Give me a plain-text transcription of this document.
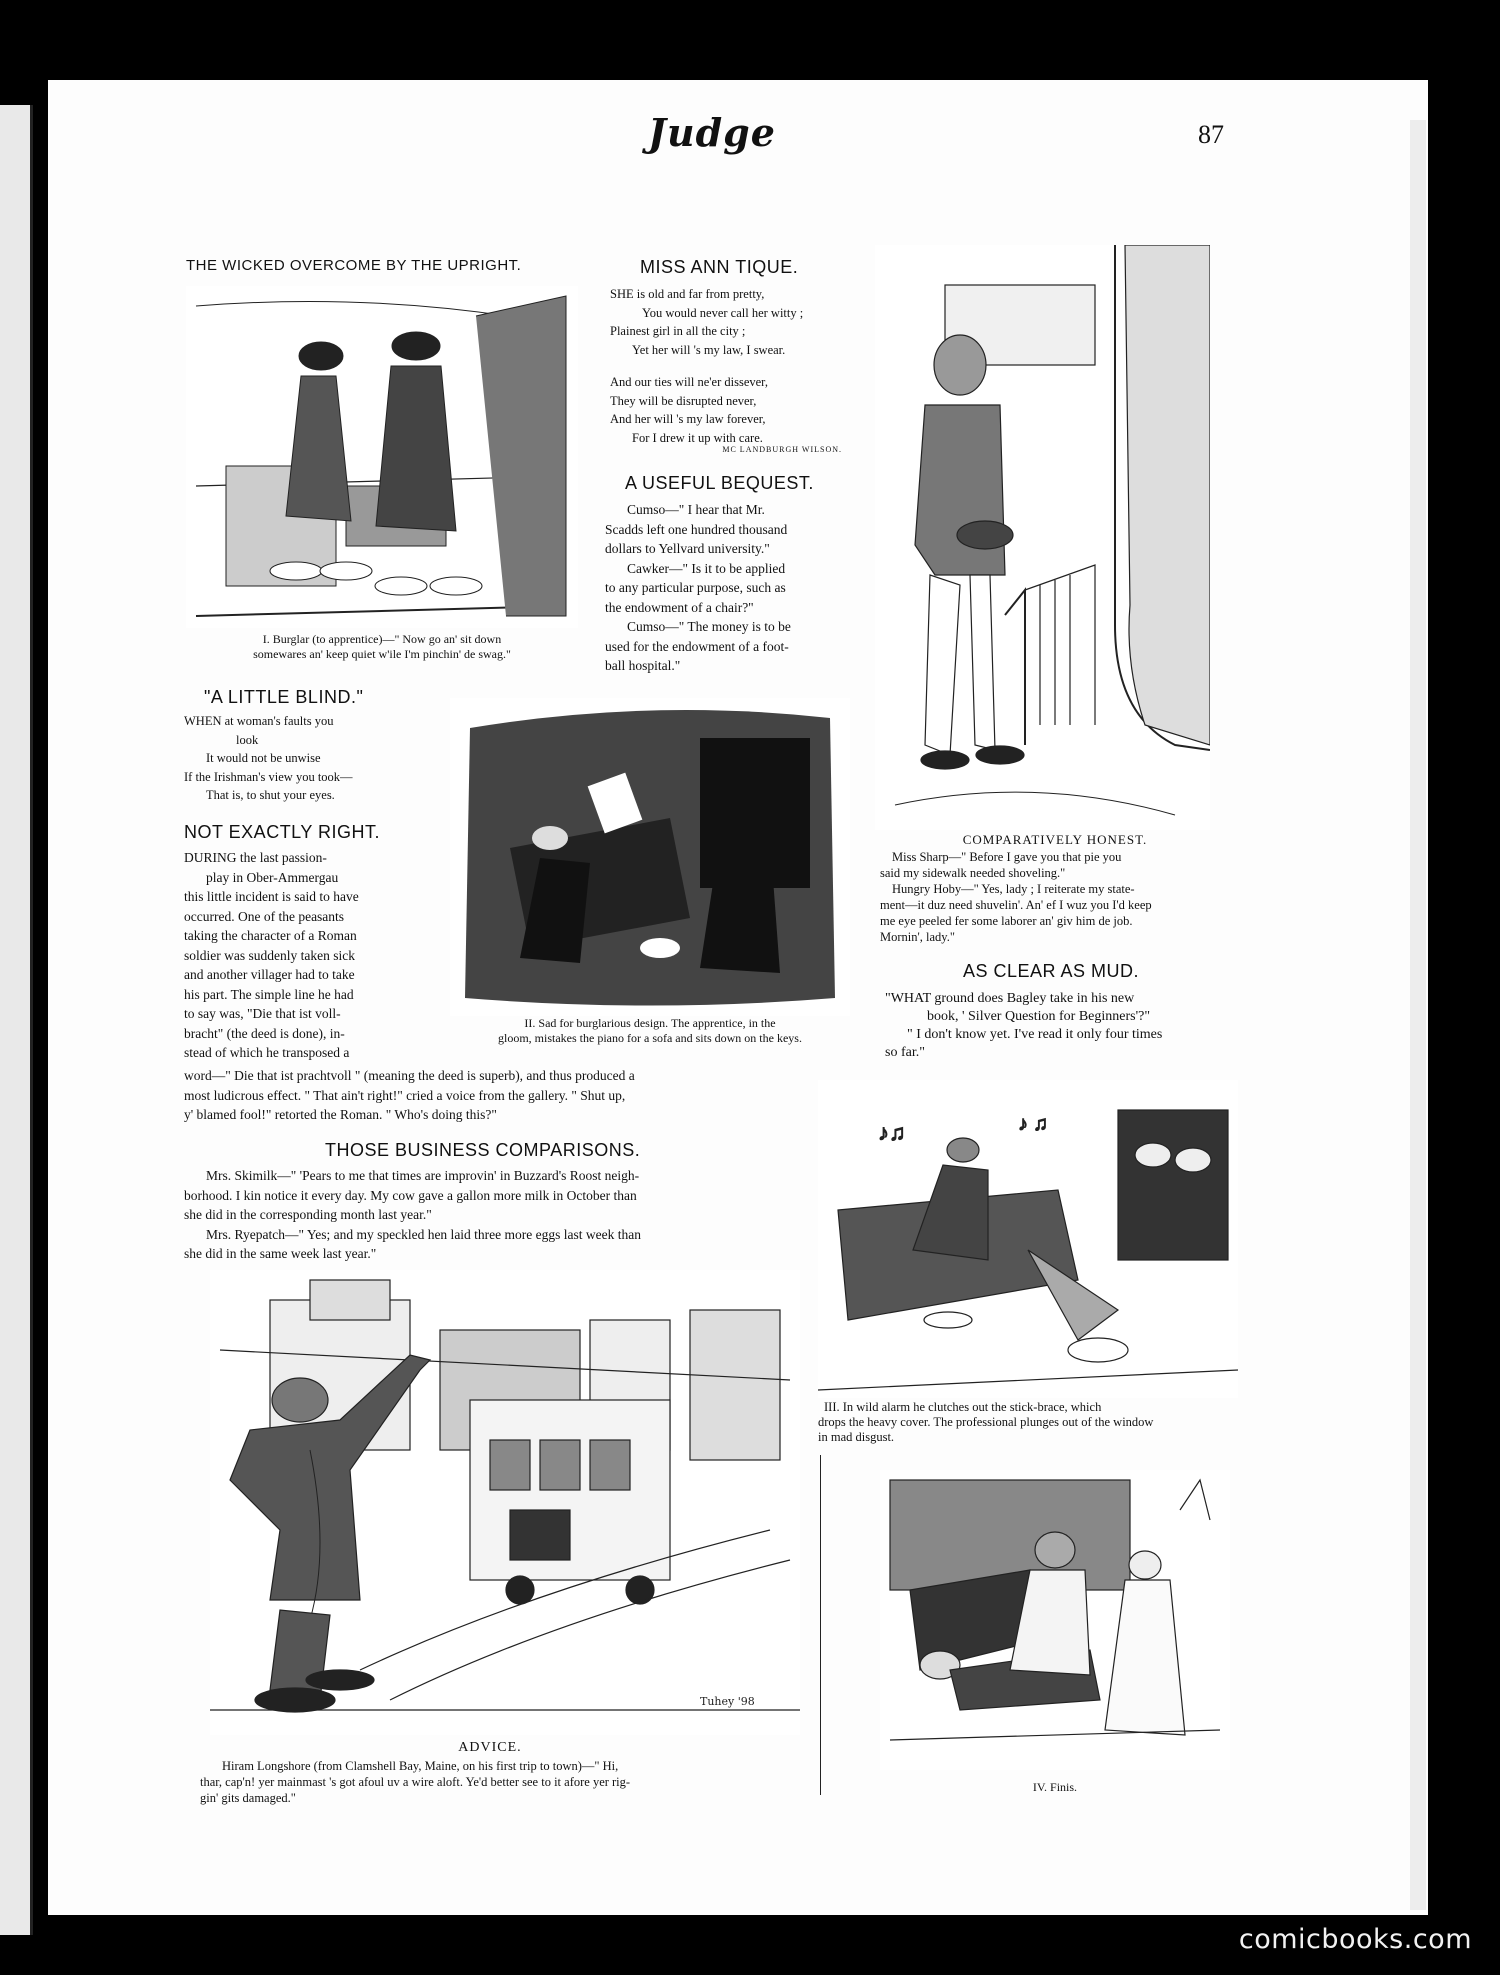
Judge	87
THE WICKED OVERCOME BY THE UPRIGHT.
I. Burglar (to apprentice)—" Now go an' sit down
somewares an' keep quiet w'ile I'm pinchin' de swag."
"A LITTLE BLIND."
WHEN at woman's faults you
look
It would not be unwise
If the Irishman's view you took—
That is, to shut your eyes.
NOT EXACTLY RIGHT.
DURING the last passion-
play in Ober-Ammergau
this little incident is said to have
occurred. One of the peasants
taking the character of a Roman
soldier was suddenly taken sick
and another villager had to take
his part. The simple line he had
to say was, "Die that ist voll-
bracht" (the deed is done), in-
stead of which he transposed a
word—" Die that ist prachtvoll " (meaning the deed is superb), and thus produced a
most ludicrous effect. " That ain't right!" cried a voice from the gallery. " Shut up,
y' blamed fool!" retorted the Roman. " Who's doing this?"
II. Sad for burglarious design. The apprentice, in the
gloom, mistakes the piano for a sofa and sits down on the keys.
MISS ANN TIQUE.
SHE is old and far from pretty,
You would never call her witty ;
Plainest girl in all the city ;
Yet her will 's my law, I swear.
And our ties will ne'er dissever,
They will be disrupted never,
And her will 's my law forever,
For I drew it up with care.
MC LANDBURGH WILSON.
A USEFUL BEQUEST.
Cumso—" I hear that Mr.
Scadds left one hundred thousand
dollars to Yellvard university."
Cawker—" Is it to be applied
to any particular purpose, such as
the endowment of a chair?"
Cumso—" The money is to be
used for the endowment of a foot-
ball hospital."
THOSE BUSINESS COMPARISONS.
Mrs. Skimilk—" 'Pears to me that times are improvin' in Buzzard's Roost neigh-
borhood. I kin notice it every day. My cow gave a gallon more milk in October than
she did in the corresponding month last year."
Mrs. Ryepatch—" Yes; and my speckled hen laid three more eggs last week than
she did in the same week last year."
Tuhey '98
ADVICE.
Hiram Longshore (from Clamshell Bay, Maine, on his first trip to town)—" Hi,
thar, cap'n! yer mainmast 's got afoul uv a wire aloft. Ye'd better see to it afore yer rig-
gin' gits damaged."
COMPARATIVELY HONEST.
Miss Sharp—" Before I gave you that pie you
said my sidewalk needed shoveling."
Hungry Hoby—" Yes, lady ; I reiterate my state-
ment—it duz need shuvelin'. An' ef I wuz you I'd keep
me eye peeled fer some laborer an' giv him de job.
Mornin', lady."
AS CLEAR AS MUD.
"WHAT ground does Bagley take in his new
book, ' Silver Question for Beginners'?"
" I don't know yet. I've read it only four times
so far."
♪♫	♪ ♫
III. In wild alarm he clutches out the stick-brace, which
drops the heavy cover. The professional plunges out of the window
in mad disgust.
IV. Finis.
comicbooks.com
